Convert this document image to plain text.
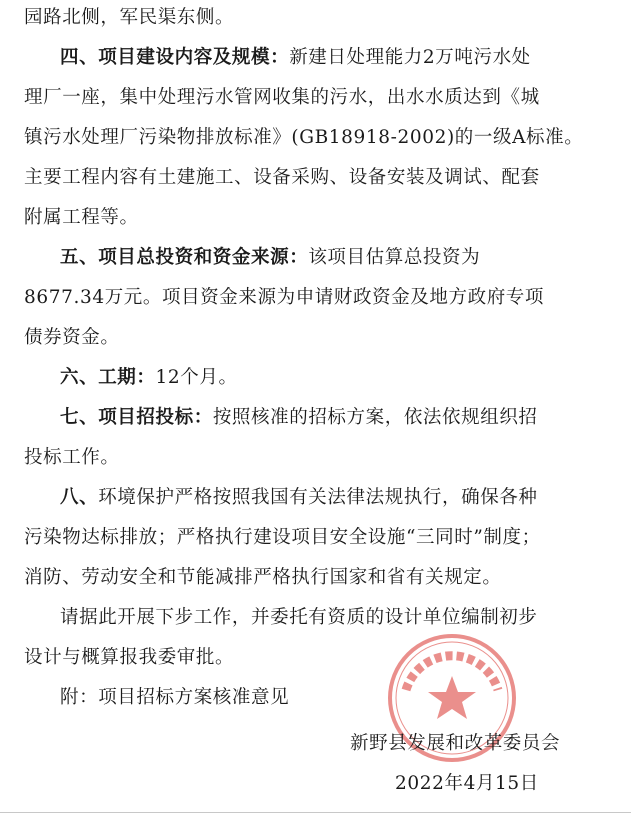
园路北侧，军民渠东侧。
四、项目建设内容及规模：新建日处理能力2万吨污水处
理厂一座，集中处理污水管网收集的污水，出水水质达到《城
镇污水处理厂污染物排放标准》(GB18918-2002)的一级A标准。
主要工程内容有土建施工、设备采购、设备安装及调试、配套
附属工程等。
五、项目总投资和资金来源：该项目估算总投资为
8677.34万元。项目资金来源为申请财政资金及地方政府专项
债券资金。
六、工期：12个月。
七、项目招投标：按照核准的招标方案，依法依规组织招
投标工作。
八、环境保护严格按照我国有关法律法规执行，确保各种
污染物达标排放；严格执行建设项目安全设施“三同时”制度；
消防、劳动安全和节能减排严格执行国家和省有关规定。
请据此开展下步工作，并委托有资质的设计单位编制初步
设计与概算报我委审批。
附：项目招标方案核准意见
新野县发展和改革委员会
2022年4月15日
